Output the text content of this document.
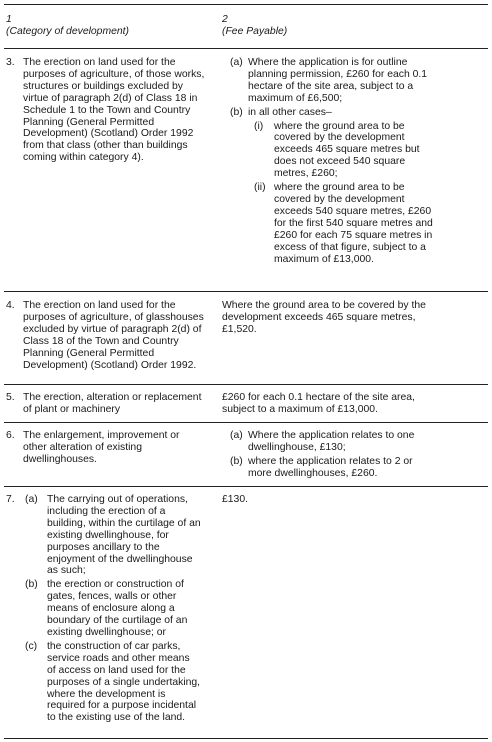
1
(Category of development)
2
(Fee Payable)
3. The erection on land used for the purposes of agriculture, of those works, structures or buildings excluded by virtue of paragraph 2(d) of Class 18 in Schedule 1 to the Town and Country Planning (General Permitted Development) (Scotland) Order 1992 from that class (other than buildings coming within category 4).
(a) Where the application is for outline planning permission, £260 for each 0.1 hectare of the site area, subject to a maximum of £6,500;
(b) in all other cases–
(i)	where the ground area to be covered by the development exceeds 465 square metres but does not exceed 540 square metres, £260;
(ii) where the ground area to be covered by the development exceeds 540 square metres, £260 for the first 540 square metres and £260 for each 75 square metres in excess of that figure, subject to a maximum of £13,000.
4. The erection on land used for the purposes of agriculture, of glasshouses excluded by virtue of paragraph 2(d) of Class 18 of the Town and Country Planning (General Permitted Development) (Scotland) Order 1992.
Where the ground area to be covered by the development exceeds 465 square metres, £1,520.
5. The erection, alteration or replacement of plant or machinery
£260 for each 0.1 hectare of the site area, subject to a maximum of £13,000.
6. The enlargement, improvement or other alteration of existing dwellinghouses.
(a) Where the application relates to one dwellinghouse, £130;
(b) where the application relates to 2 or more dwellinghouses, £260.
7. (a) The carrying out of operations, including the erection of a building, within the curtilage of an existing dwellinghouse, for purposes ancillary to the enjoyment of the dwellinghouse as such;
(b) the erection or construction of gates, fences, walls or other means of enclosure along a boundary of the curtilage of an existing dwellinghouse; or
(c) the construction of car parks, service roads and other means of access on land used for the purposes of a single undertaking, where the development is required for a purpose incidental to the existing use of the land.
£130.
